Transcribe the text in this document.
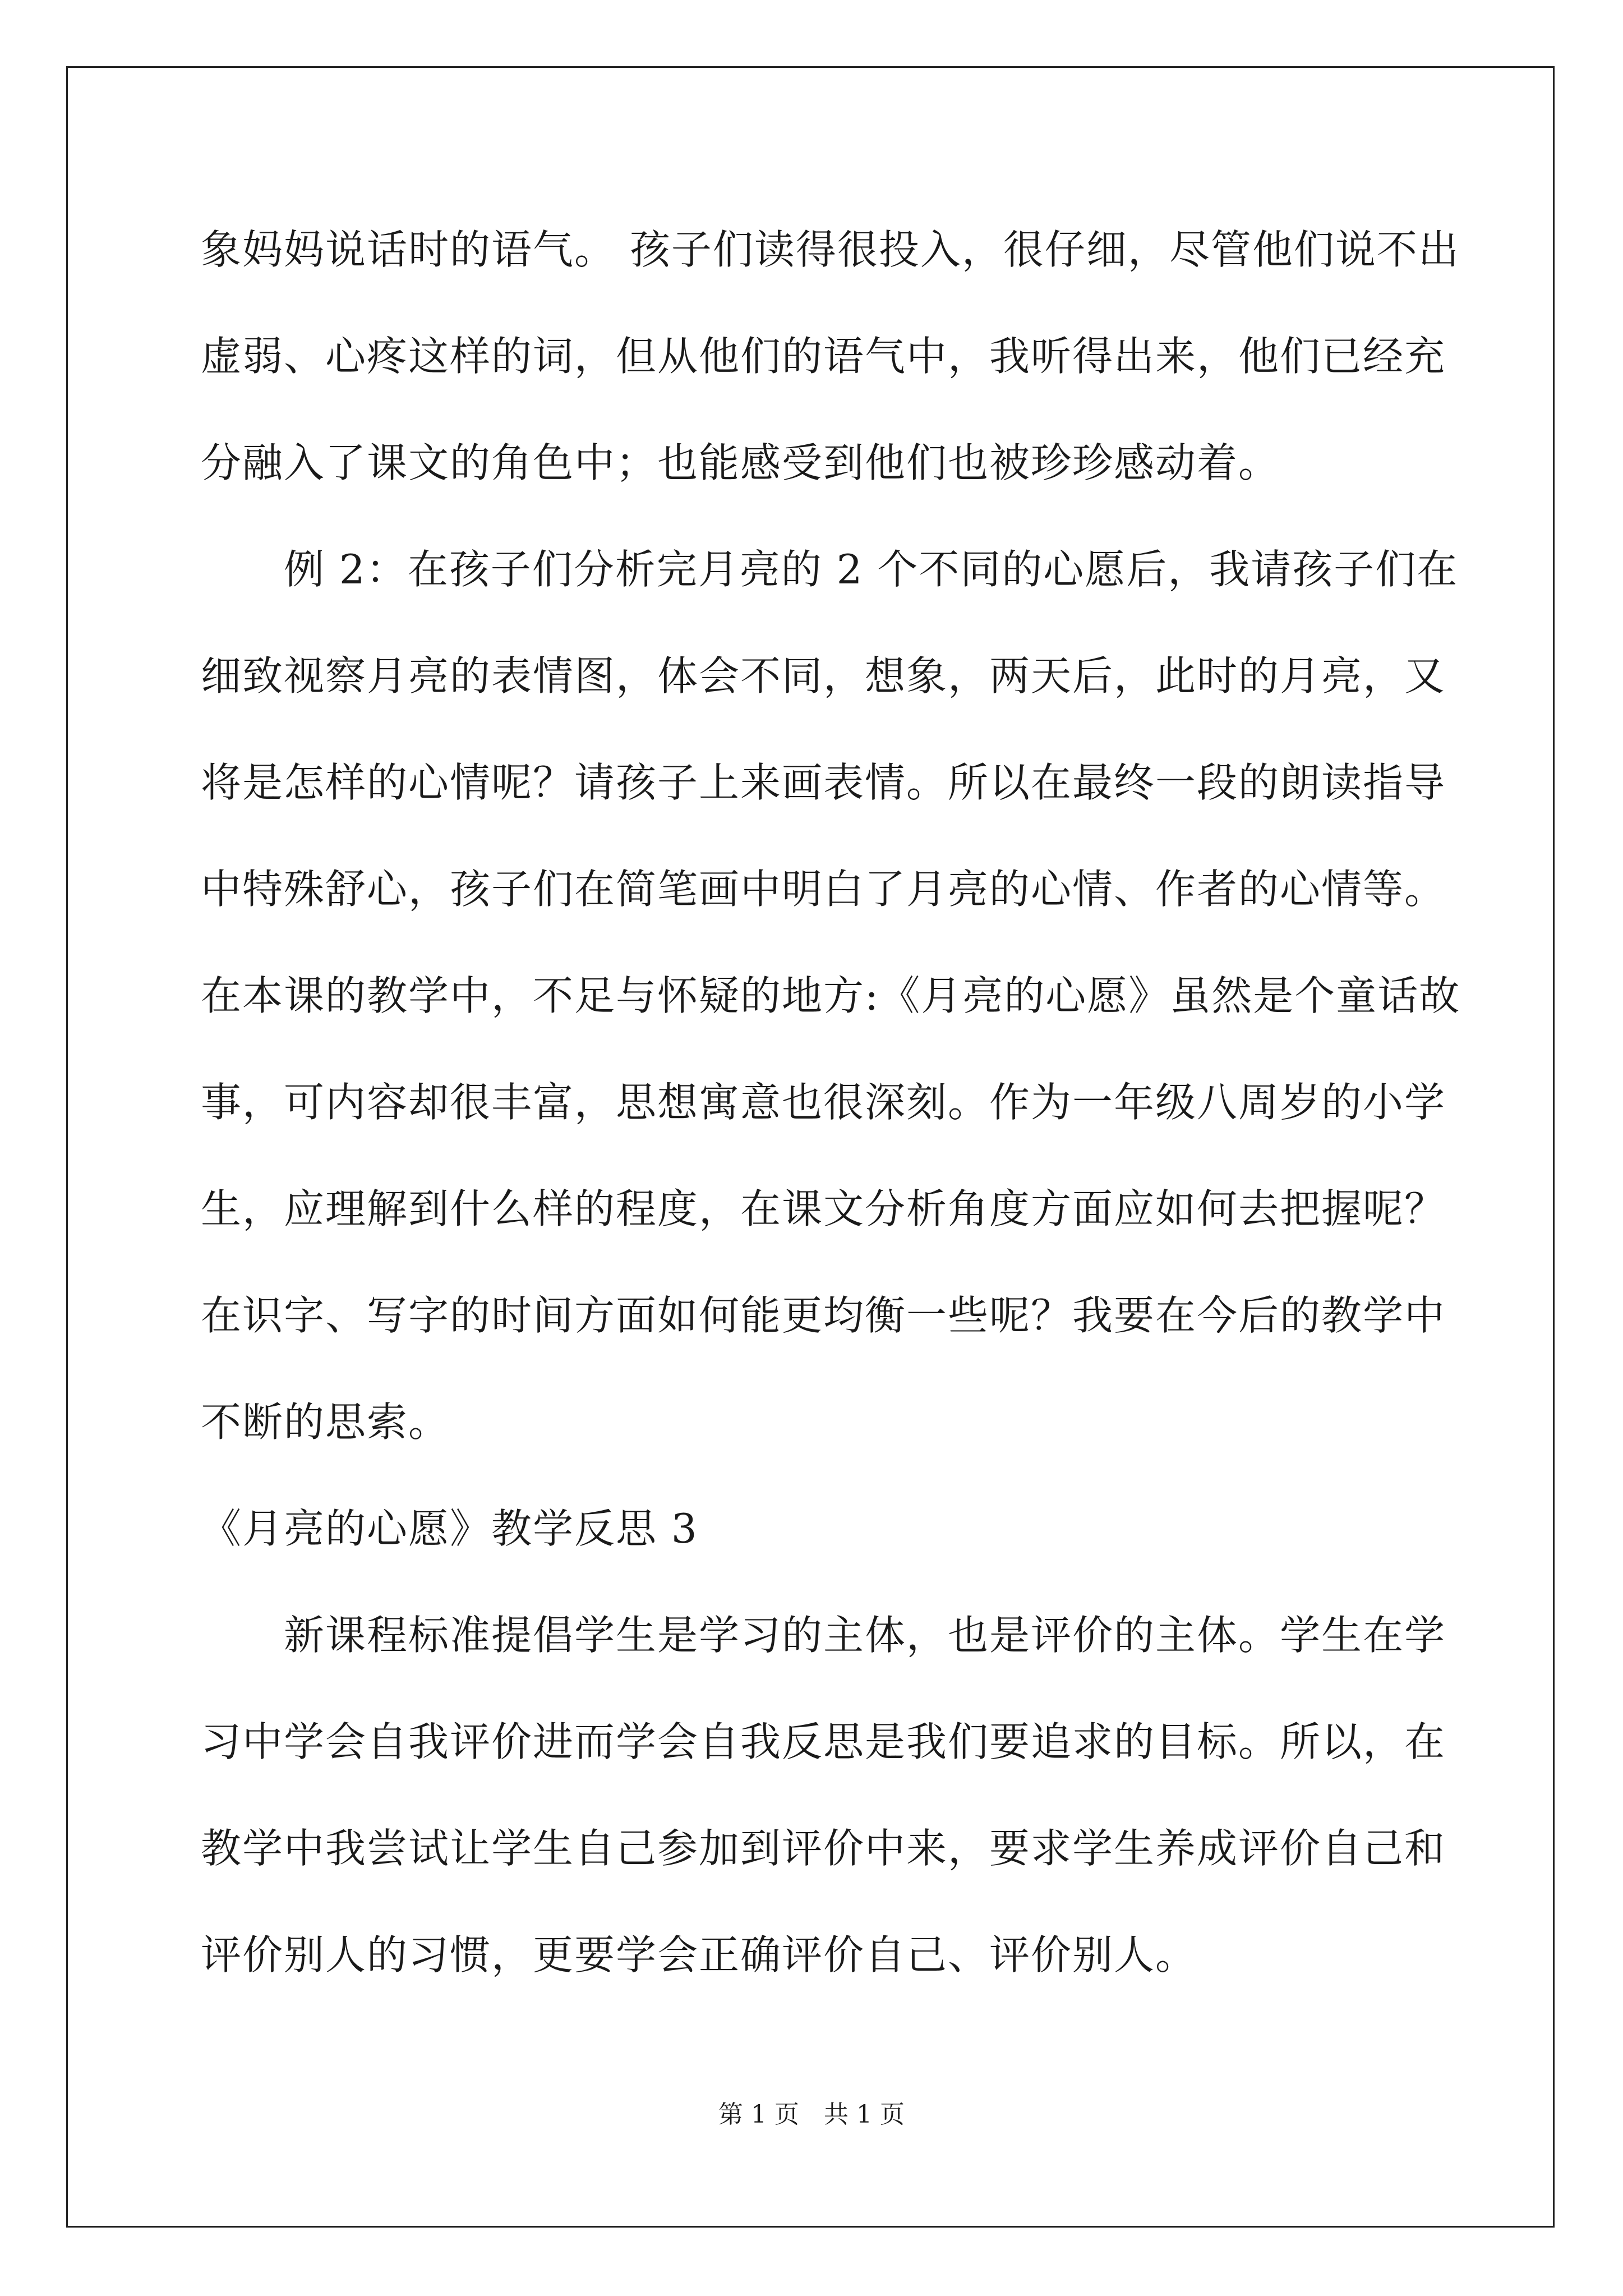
象妈妈说话时的语气。 孩子们读得很投入，很仔细，尽管他们说不出
虚弱、心疼这样的词，但从他们的语气中，我听得出来，他们已经充
分融入了课文的角色中；也能感受到他们也被珍珍感动着。
　　例 2：在孩子们分析完月亮的 2 个不同的心愿后，我请孩子们在
细致视察月亮的表情图，体会不同，想象，两天后，此时的月亮，又
将是怎样的心情呢？请孩子上来画表情。所以在最终一段的朗读指导
中特殊舒心，孩子们在简笔画中明白了月亮的心情、作者的心情等。
在本课的教学中，不足与怀疑的地方:《月亮的心愿》虽然是个童话故
事，可内容却很丰富，思想寓意也很深刻。作为一年级八周岁的小学
生，应理解到什么样的程度，在课文分析角度方面应如何去把握呢？
在识字、写字的时间方面如何能更均衡一些呢？我要在今后的教学中
不断的思索。
《月亮的心愿》教学反思 3
　　新课程标准提倡学生是学习的主体，也是评价的主体。学生在学
习中学会自我评价进而学会自我反思是我们要追求的目标。所以，在
教学中我尝试让学生自己参加到评价中来，要求学生养成评价自己和
评价别人的习惯，更要学会正确评价自己、评价别人。
第 1 页　共 1 页
